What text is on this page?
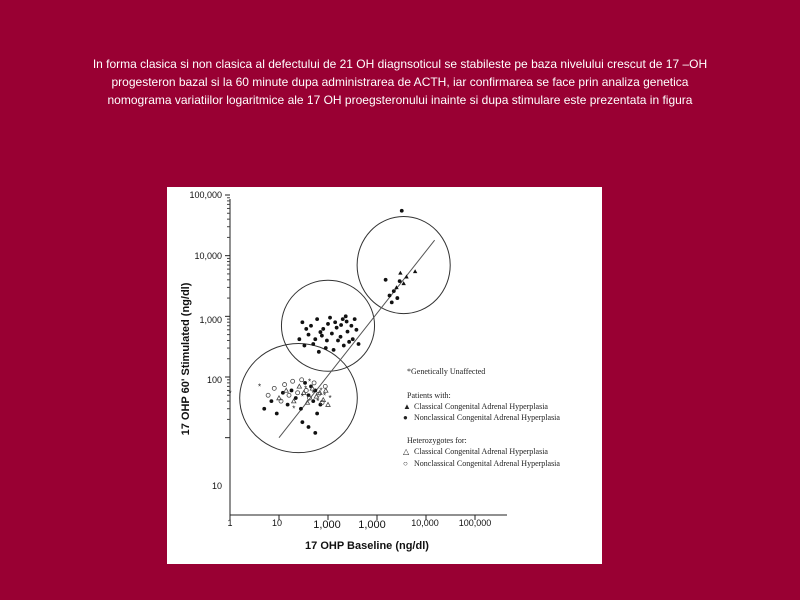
In forma clasica si non clasica al defectului de 21 OH diagnsoticul se stabileste pe baza nivelului crescut de 17 –OH
progesteron bazal si la 60 minute dupa administrarea de ACTH, iar confirmarea se face prin analiza genetica
nomograma variatiilor logaritmice ale 17 OH proegsteronului inainte si dupa stimulare este prezentata in figura
100,000
10,000
1,000
100
10
1	10	1,000 1,000	10,000 100,000
17 OHP Baseline (ng/dl)
17 OHP 60' Stimulated (ng/dl)	*
*
*
*
*
*
*
*
*
* *
*Genetically Unaffected
Patients with:
▲ Classical Congenital Adrenal Hyperplasia
● Nonclassical Congenital Adrenal Hyperplasia
Heterozygotes for:
△ Classical Congenital Adrenal Hyperplasia
○ Nonclassical Congenital Adrenal Hyperplasia
